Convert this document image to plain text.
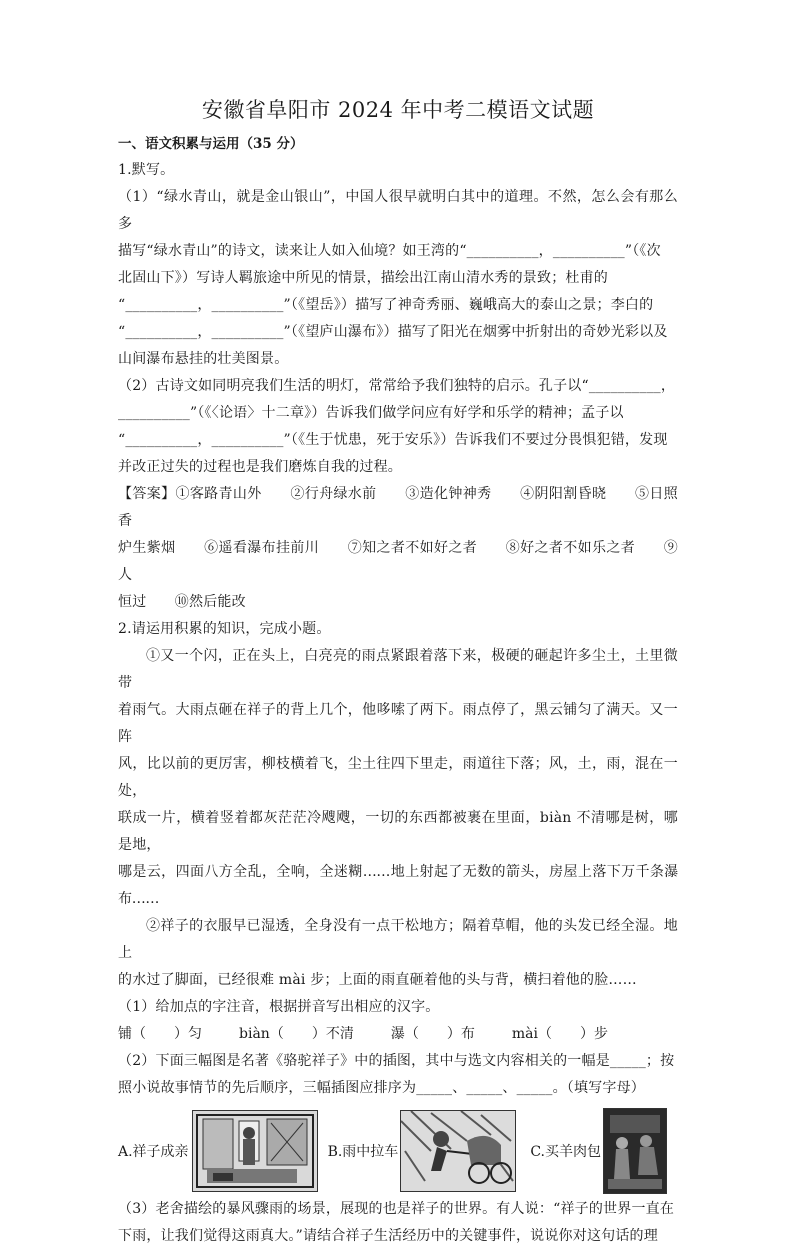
安徽省阜阳市 2024 年中考二模语文试题
一、语文积累与运用（35 分）

1.默写。

（1）“绿水青山，就是金山银山”，中国人很早就明白其中的道理。不然，怎么会有那么多

描写“绿水青山”的诗文，读来让人如入仙境？如王湾的“__________，__________”（《次

北固山下》）写诗人羁旅途中所见的情景，描绘出江南山清水秀的景致；杜甫的

“__________，__________”（《望岳》）描写了神奇秀丽、巍峨高大的泰山之景；李白的

“__________，__________”（《望庐山瀑布》）描写了阳光在烟雾中折射出的奇妙光彩以及

山间瀑布悬挂的壮美图景。

（2）古诗文如同明亮我们生活的明灯，常常给予我们独特的启示。孔子以“__________，

__________”（《〈论语〉十二章》）告诉我们做学问应有好学和乐学的精神；孟子以

“__________，__________”（《生于忧患，死于安乐》）告诉我们不要过分畏惧犯错，发现

并改正过失的过程也是我们磨炼自我的过程。

【答案】①客路青山外　　②行舟绿水前　　③造化钟神秀　　④阴阳割昏晓　　⑤日照香

炉生紫烟　　⑥遥看瀑布挂前川　　⑦知之者不如好之者　　⑧好之者不如乐之者　　⑨人

恒过　　⑩然后能改

2.请运用积累的知识，完成小题。

①又一个闪，正在头上，白亮亮的雨点紧跟着落下来，极硬的砸起许多尘土，土里微带

着雨气。大雨点砸在祥子的背上几个，他哆嗦了两下。雨点停了，黑云铺匀了满天。又一阵

风，比以前的更厉害，柳枝横着飞，尘土往四下里走，雨道往下落；风，土，雨，混在一处，

联成一片，横着竖着都灰茫茫冷飕飕，一切的东西都被裹在里面，biàn 不清哪是树，哪是地，

哪是云，四面八方全乱，全响，全迷糊……地上射起了无数的箭头，房屋上落下万千条瀑布……

②祥子的衣服早已湿透，全身没有一点干松地方；隔着草帽，他的头发已经全湿。地上

的水过了脚面，已经很难 mài 步；上面的雨直砸着他的头与背，横扫着他的脸……

（1）给加点的字注音，根据拼音写出相应的汉字。

铺（　　）匀	biàn（　　）不清	瀑（　　）布	mài（　　）步

（2）下面三幅图是名著《骆驼祥子》中的插图，其中与选文内容相关的一幅是_____；按

照小说故事情节的先后顺序，三幅插图应排序为_____、_____、_____。（填写字母）

A.祥子成亲	B.雨中拉车	C.买羊肉包

（3）老舍描绘的暴风骤雨的场景，展现的也是祥子的世界。有人说：“祥子的世界一直在

下雨，让我们觉得这雨真大。”请结合祥子生活经历中的关键事件，说说你对这句话的理
